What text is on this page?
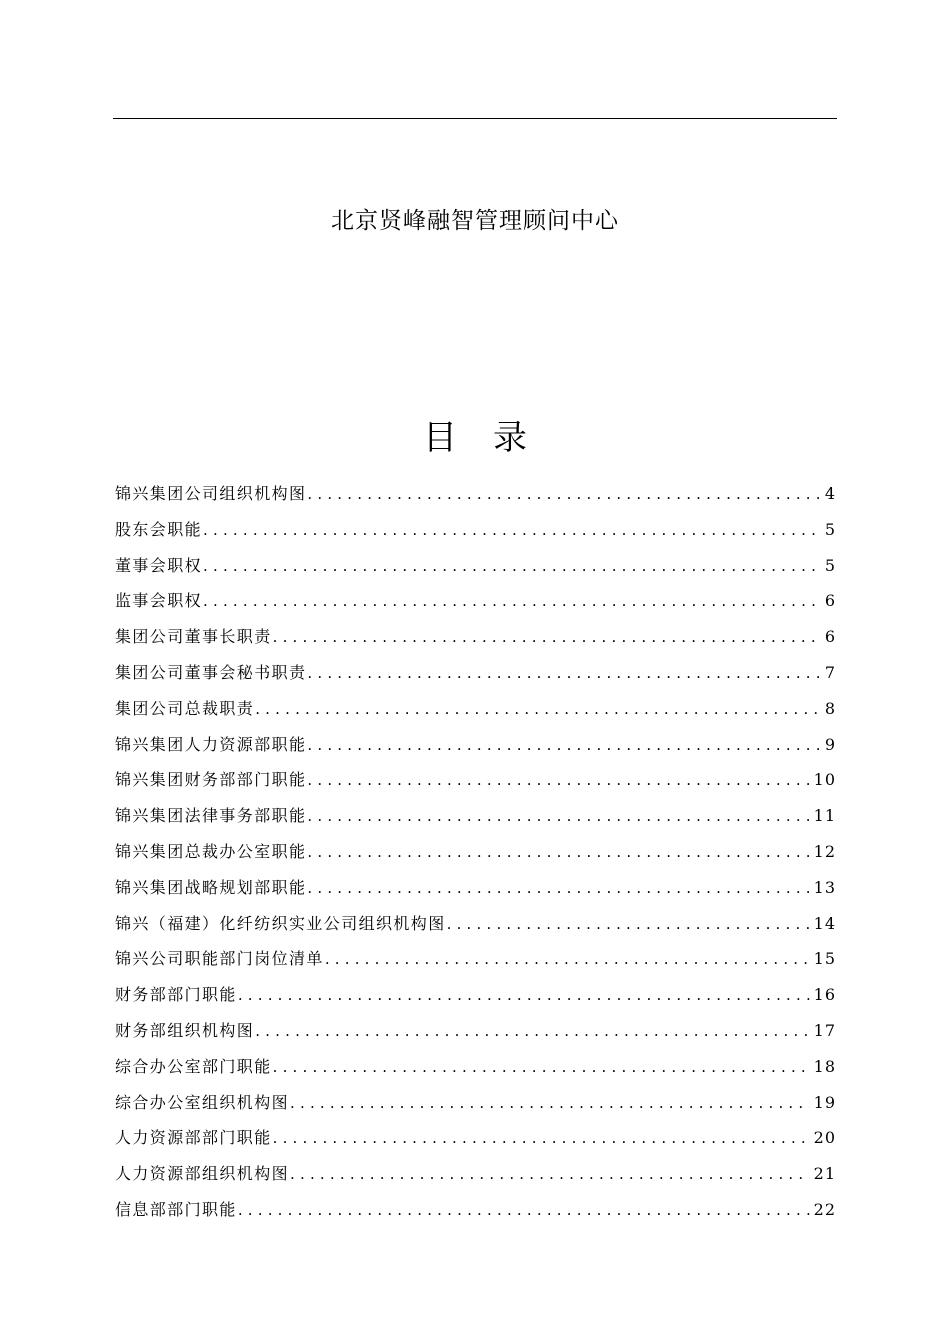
北京贤峰融智管理顾问中心
目录
锦兴集团公司组织机构图 .....	4
股东会职能 .....	5
董事会职权 .....	5
监事会职权 .....	6
集团公司董事长职责 .....	6
集团公司董事会秘书职责 .....	7
集团公司总裁职责 .....	8
锦兴集团人力资源部职能 .....	9
锦兴集团财务部部门职能 .....	10
锦兴集团法律事务部职能 .....	11
锦兴集团总裁办公室职能 .....	12
锦兴集团战略规划部职能 .....	13
锦兴（福建）化纤纺织实业公司组织机构图 .....	14
锦兴公司职能部门岗位清单 .....	15
财务部部门职能 .....	16
财务部组织机构图 .....	17
综合办公室部门职能 .....	18
综合办公室组织机构图 .....	19
人力资源部部门职能 .....	20
人力资源部组织机构图 .....	21
信息部部门职能 .....	22
